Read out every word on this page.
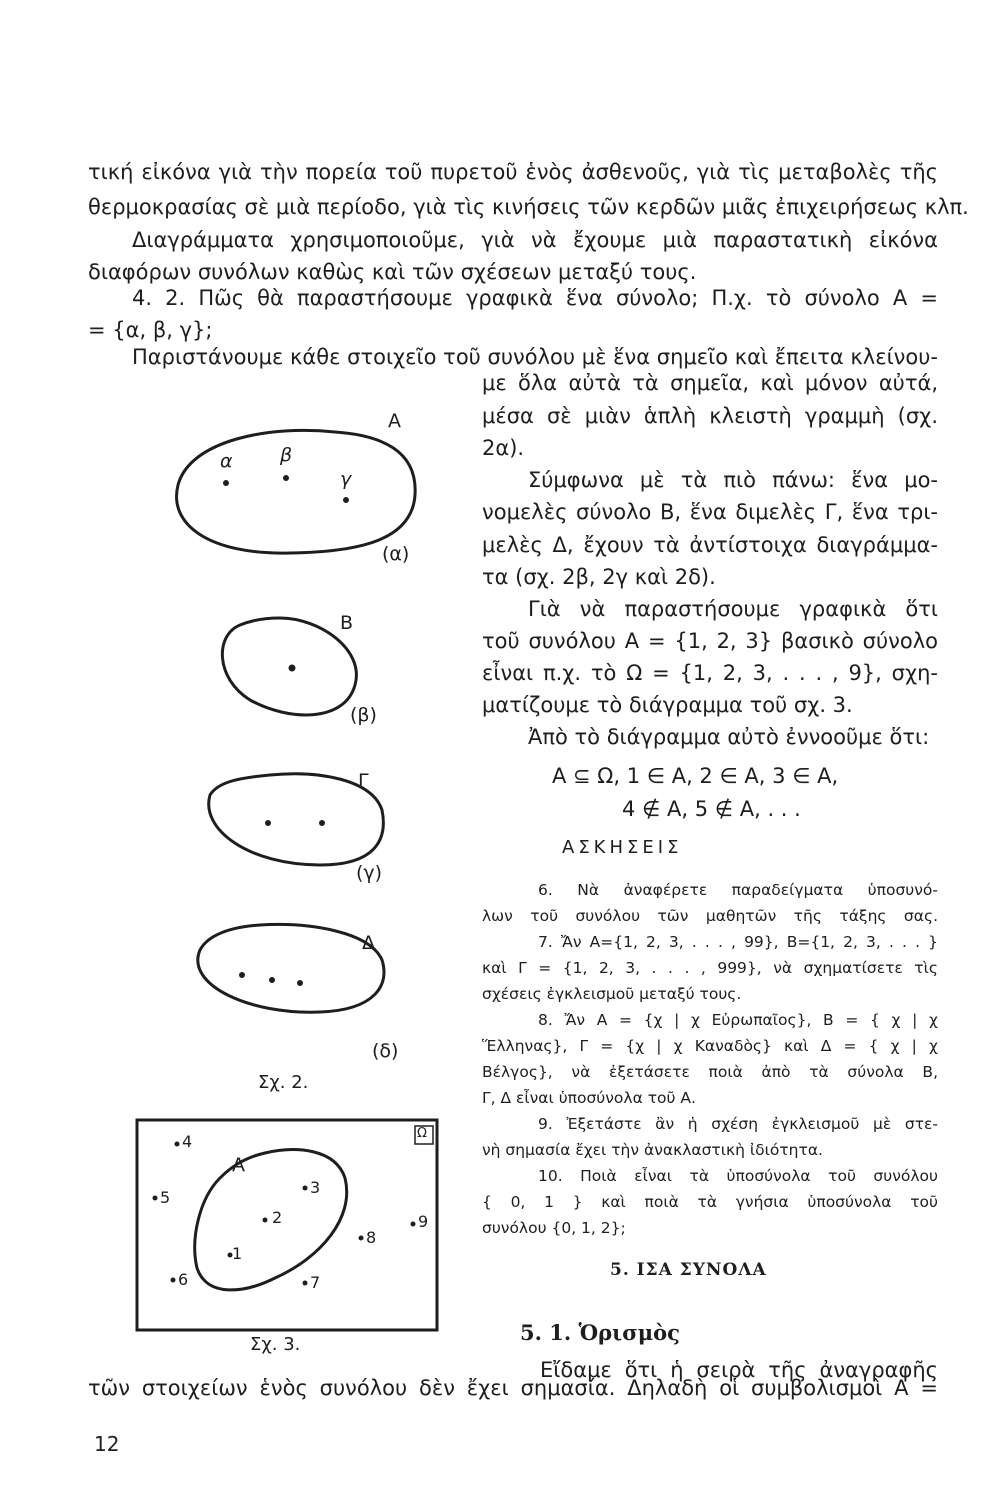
τική εἰκόνα γιὰ τὴν πορεία τοῦ πυρετοῦ ἑνὸς ἀσθενοῦς, γιὰ τὶς μεταβολὲς τῆς
θερμοκρασίας σὲ μιὰ περίοδο, γιὰ τὶς κινήσεις τῶν κερδῶν μιᾶς ἐπιχειρήσεως κλπ.
Διαγράμματα χρησιμοποιοῦμε, γιὰ νὰ ἔχουμε μιὰ παραστατικὴ εἰκόνα
διαφόρων συνόλων καθὼς καὶ τῶν σχέσεων μεταξύ τους.
4. 2. Πῶς θὰ παραστήσουμε γραφικὰ ἕνα σύνολο; Π.χ. τὸ σύνολο Α =
= {α, β, γ};
Παριστάνουμε κάθε στοιχεῖο τοῦ συνόλου μὲ ἕνα σημεῖο καὶ ἔπειτα κλείνου-
με ὅλα αὐτὰ τὰ σημεῖα, καὶ μόνον αὐτά,
μέσα σὲ μιὰν ἁπλὴ κλειστὴ γραμμὴ (σχ.
2α).
Σύμφωνα μὲ τὰ πιὸ πάνω: ἕνα μο-
νομελὲς σύνολο Β, ἕνα διμελὲς Γ, ἕνα τρι-
μελὲς Δ, ἔχουν τὰ ἀντίστοιχα διαγράμμα-
τα (σχ. 2β, 2γ καὶ 2δ).
Γιὰ νὰ παραστήσουμε γραφικὰ ὅτι
τοῦ συνόλου Α = {1, 2, 3} βασικὸ σύνολο
εἶναι π.χ. τὸ Ω = {1, 2, 3, . . . , 9}, σχη-
ματίζουμε τὸ διάγραμμα τοῦ σχ. 3.
Ἀπὸ τὸ διάγραμμα αὐτὸ ἐννοοῦμε ὅτι:
Α ⊆ Ω, 1 ∈ Α, 2 ∈ Α, 3 ∈ Α,
4 ∉ Α, 5 ∉ Α, . . .
ΑΣΚΗΣΕΙΣ
6. Νὰ ἀναφέρετε παραδείγματα ὑποσυνό-
λων τοῦ συνόλου τῶν μαθητῶν τῆς τάξης σας.
7. Ἄν Α={1, 2, 3, . . . , 99}, Β={1, 2, 3, . . . }
καὶ Γ = {1, 2, 3, . . . , 999}, νὰ σχηματίσετε τὶς
σχέσεις ἐγκλεισμοῦ μεταξύ τους.
8. Ἄν Α = {χ | χ Εὐρωπαῖος}, Β = { χ | χ
Ἕλληνας}, Γ = {χ | χ Καναδὸς} καὶ Δ = { χ | χ
Βέλγος}, νὰ ἐξετάσετε ποιὰ ἀπὸ τὰ σύνολα Β,
Γ, Δ εἶναι ὑποσύνολα τοῦ Α.
9. Ἐξετάστε ἂν ἡ σχέση ἐγκλεισμοῦ μὲ στε-
νὴ σημασία ἔχει τὴν ἀνακλαστικὴ ἰδιότητα.
10. Ποιὰ εἶναι τὰ ὑποσύνολα τοῦ συνόλου
{ 0, 1 } καὶ ποιὰ τὰ γνήσια ὑποσύνολα τοῦ
συνόλου {0, 1, 2};
5. ΙΣΑ ΣΥΝΟΛΑ
5. 1. Ὁρισμὸς
Εἴδαμε ὅτι ἡ σειρὰ τῆς ἀναγραφῆς
τῶν στοιχείων ἑνὸς συνόλου δὲν ἔχει σημασία. Δηλαδὴ οἱ συμβολισμοὶ Α =
12
α β
γ
Α
(α)
Β
(β)
Γ
(γ)
Δ
(δ)
Σχ. 2.
Ω
Α
4
5
6	7
8
9
1
2
3
Σχ. 3.
